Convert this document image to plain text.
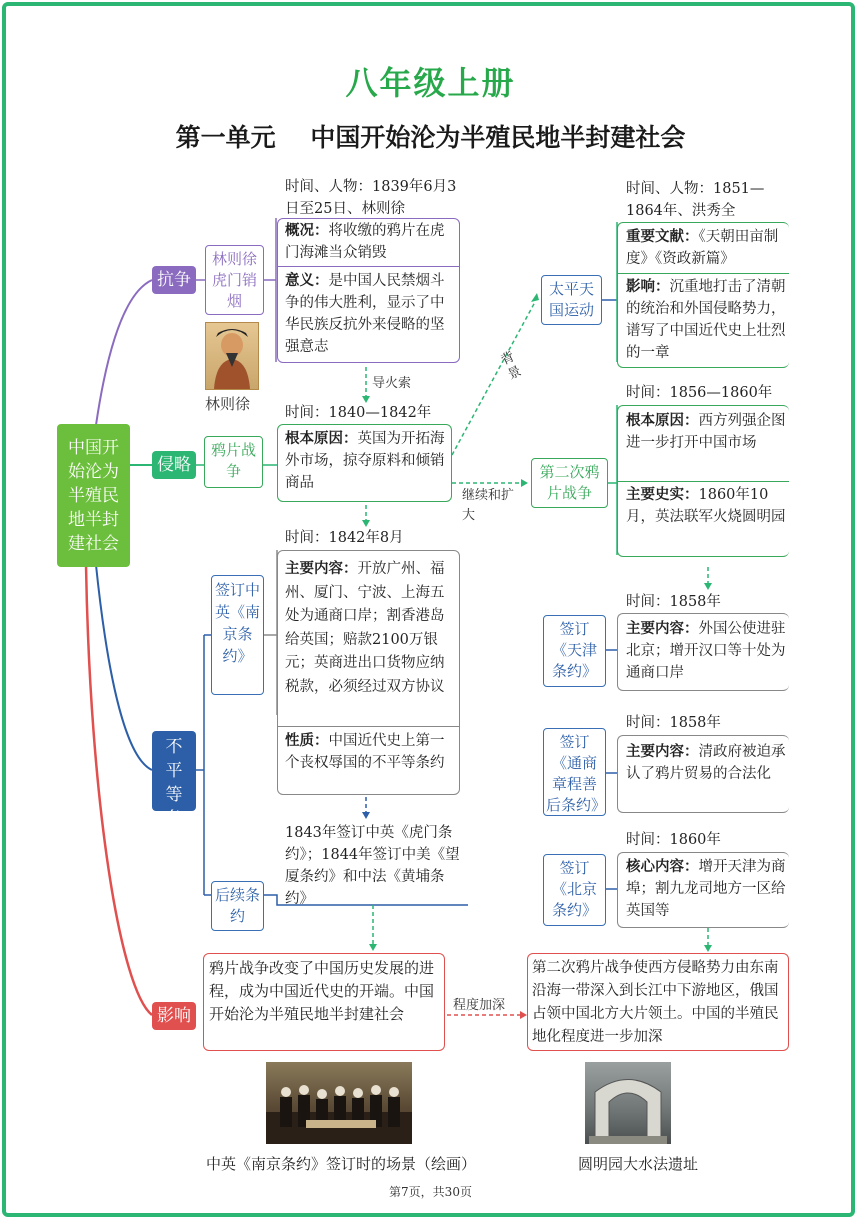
八年级上册
第一单元    中国开始沦为半殖民地半封建社会
中国开始沦为半殖民地半封建社会
抗争
侵略
不平等条约
影响
林则徐虎门销烟
林则徐
时间、人物：1839年6月3日至25日、林则徐
概况：将收缴的鸦片在虎门海滩当众销毁
意义：是中国人民禁烟斗争的伟大胜利，显示了中华民族反抗外来侵略的坚强意志
导火索
鸦片战争
时间：1840—1842年
根本原因：英国为开拓海外市场，掠夺原料和倾销商品
背景
继续和扩大
太平天国运动
时间、人物：1851—1864年、洪秀全
重要文献：《天朝田亩制度》《资政新篇》
影响：沉重地打击了清朝的统治和外国侵略势力，谱写了中国近代史上壮烈的一章
第二次鸦片战争
时间：1856—1860年
根本原因：西方列强企图进一步打开中国市场
主要史实：1860年10月，英法联军火烧圆明园
签订中英《南京条约》
时间：1842年8月
主要内容：开放广州、福州、厦门、宁波、上海五处为通商口岸；割香港岛给英国；赔款2100万银元；英商进出口货物应纳税款，必须经过双方协议
性质：中国近代史上第一个丧权辱国的不平等条约
后续条约
1843年签订中英《虎门条约》；1844年签订中美《望厦条约》和中法《黄埔条约》
签订《天津条约》
时间：1858年
主要内容：外国公使进驻北京；增开汉口等十处为通商口岸
签订《通商章程善后条约》
时间：1858年
主要内容：清政府被迫承认了鸦片贸易的合法化
签订《北京条约》
时间：1860年
核心内容：增开天津为商埠；割九龙司地方一区给英国等
鸦片战争改变了中国历史发展的进程，成为中国近代史的开端。中国开始沦为半殖民地半封建社会	程度加深
第二次鸦片战争使西方侵略势力由东南沿海一带深入到长江中下游地区，俄国占领中国北方大片领土。中国的半殖民地化程度进一步加深
中英《南京条约》签订时的场景（绘画）	圆明园大水法遗址
第7页，共30页
